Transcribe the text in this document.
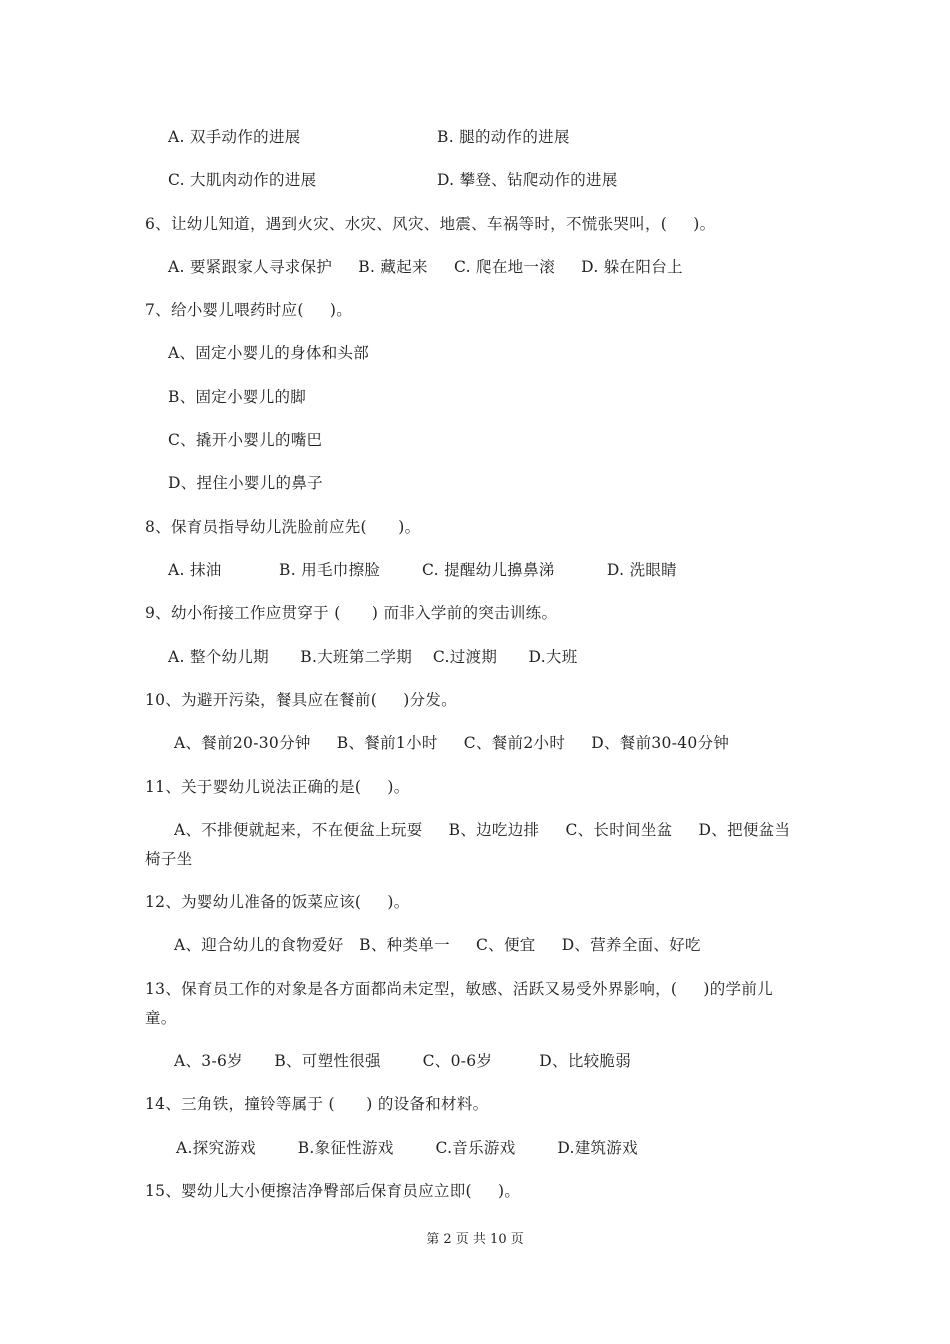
A. 双手动作的进展	B. 腿的动作的进展
C. 大肌肉动作的进展	D. 攀登、钻爬动作的进展
6、让幼儿知道，遇到火灾、水灾、风灾、地震、车祸等时，不慌张哭叫，(     )。
A. 要紧跟家人寻求保护     B. 藏起来     C. 爬在地一滚     D. 躲在阳台上
7、给小婴儿喂药时应(     )。
A、固定小婴儿的身体和头部
B、固定小婴儿的脚
C、撬开小婴儿的嘴巴
D、捏住小婴儿的鼻子
8、保育员指导幼儿洗脸前应先(      )。
A. 抹油           B. 用毛巾擦脸        C. 提醒幼儿擤鼻涕          D. 洗眼睛
9、幼小衔接工作应贯穿于 (      ) 而非入学前的突击训练。
A. 整个幼儿期      B.大班第二学期    C.过渡期      D.大班
10、为避开污染，餐具应在餐前(     )分发。
A、餐前20-30分钟     B、餐前1小时     C、餐前2小时     D、餐前30-40分钟
11、关于婴幼儿说法正确的是(     )。
A、不排便就起来，不在便盆上玩耍     B、边吃边排     C、长时间坐盆     D、把便盆当
椅子坐
12、为婴幼儿准备的饭菜应该(     )。
A、迎合幼儿的食物爱好   B、种类单一     C、便宜     D、营养全面、好吃
13、保育员工作的对象是各方面都尚未定型，敏感、活跃又易受外界影响，(     )的学前儿
童。
A、3-6岁      B、可塑性很强        C、0-6岁         D、比较脆弱
14、三角铁，撞铃等属于 (      ) 的设备和材料。
A.探究游戏        B.象征性游戏        C.音乐游戏        D.建筑游戏
15、婴幼儿大小便擦洁净臀部后保育员应立即(     )。
第 2 页 共 10 页
